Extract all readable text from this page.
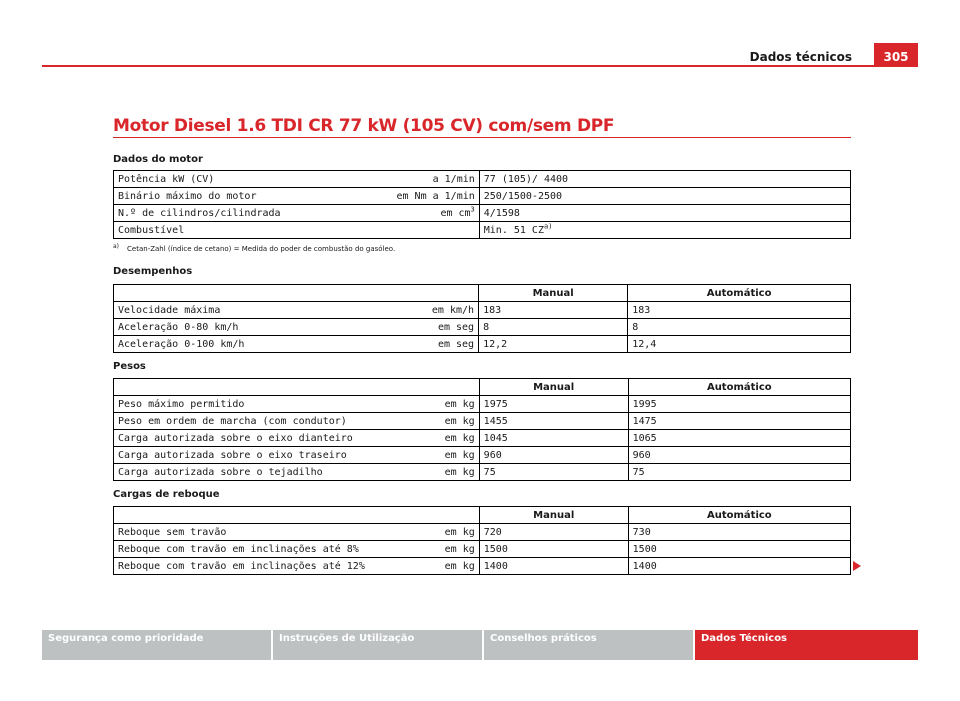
Dados técnicos	305
Motor Diesel 1.6 TDI CR 77 kW (105 CV) com/sem DPF
Dados do motor
Potência kW (CV) a 1/min	77 (105)/ 4400

Binário máximo do motor em Nm a 1/min	250/1500-2500

N.º de cilindros/cilindrada em $cm^3$	4/1598

Combustível	Min. 51 CZ$^{a)}$
$^{a)}$ Cetan-Zahl (índice de cetano) = Medida do poder de combustão do gasóleo.
Desempenhos
	Manual	Automático

Velocidade máxima em km/h	183	183

Aceleração 0-80 km/h em seg	8	8

Aceleração 0-100 km/h em seg	12,2	12,4
Pesos
	Manual	Automático

Peso máximo permitido em kg	1975	1995

Peso em ordem de marcha (com condutor) em kg	1455	1475

Carga autorizada sobre o eixo dianteiro em kg	1045	1065

Carga autorizada sobre o eixo traseiro em kg	960	960

Carga autorizada sobre o tejadilho em kg	75	75
Cargas de reboque
	Manual	Automático

Reboque sem travão em kg	720	730

Reboque com travão em inclinações até 8% em kg	1500	1500

Reboque com travão em inclinações até 12% em kg	1400	1400
Segurança como prioridade	Instruções de Utilização	Conselhos práticos	Dados Técnicos
